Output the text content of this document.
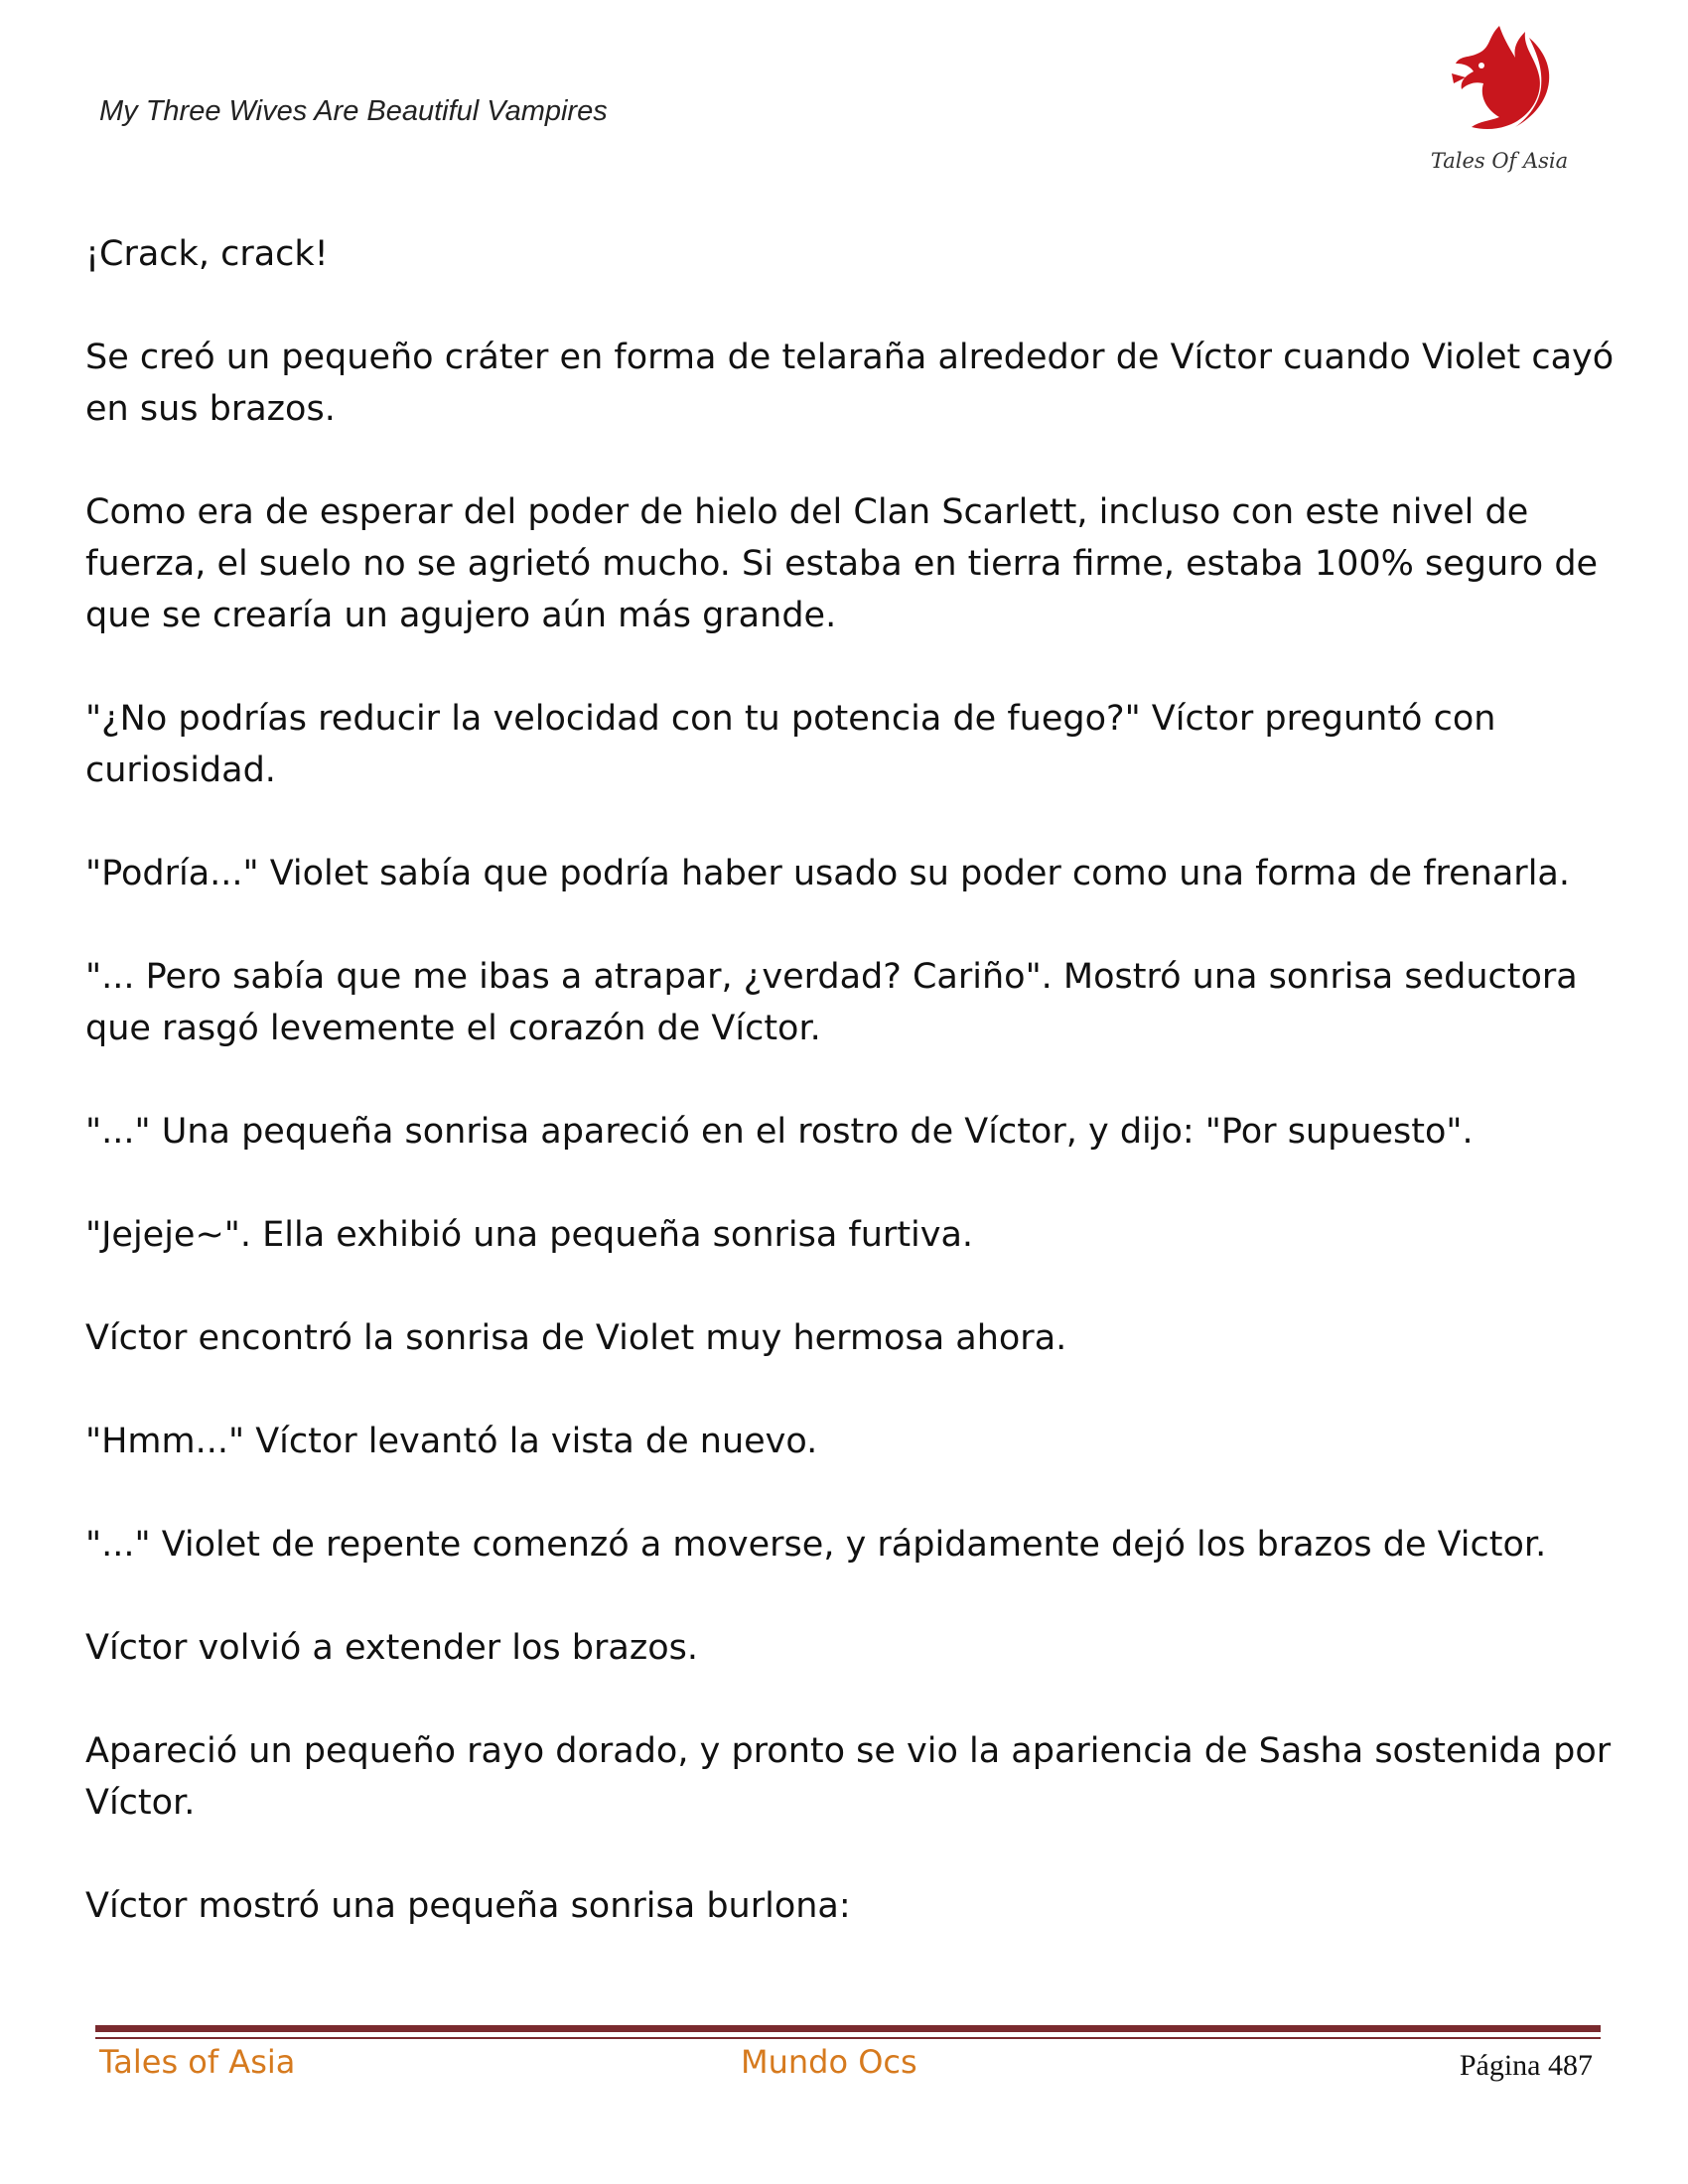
My Three Wives Are Beautiful Vampires
Tales Of Asia

¡Crack, crack!

Se creó un pequeño cráter en forma de telaraña alrededor de Víctor cuando Violet cayó en sus brazos.

Como era de esperar del poder de hielo del Clan Scarlett, incluso con este nivel de fuerza, el suelo no se agrietó mucho. Si estaba en tierra firme, estaba 100% seguro de que se crearía un agujero aún más grande.

"¿No podrías reducir la velocidad con tu potencia de fuego?" Víctor preguntó con curiosidad.

"Podría..." Violet sabía que podría haber usado su poder como una forma de frenarla.

"... Pero sabía que me ibas a atrapar, ¿verdad? Cariño". Mostró una sonrisa seductora que rasgó levemente el corazón de Víctor.

"..." Una pequeña sonrisa apareció en el rostro de Víctor, y dijo: "Por supuesto".

"Jejeje~". Ella exhibió una pequeña sonrisa furtiva.

Víctor encontró la sonrisa de Violet muy hermosa ahora.

"Hmm..." Víctor levantó la vista de nuevo.

"..." Violet de repente comenzó a moverse, y rápidamente dejó los brazos de Victor.

Víctor volvió a extender los brazos.

Apareció un pequeño rayo dorado, y pronto se vio la apariencia de Sasha sostenida por Víctor.

Víctor mostró una pequeña sonrisa burlona:

Tales of Asia	Mundo Ocs	Página 487
